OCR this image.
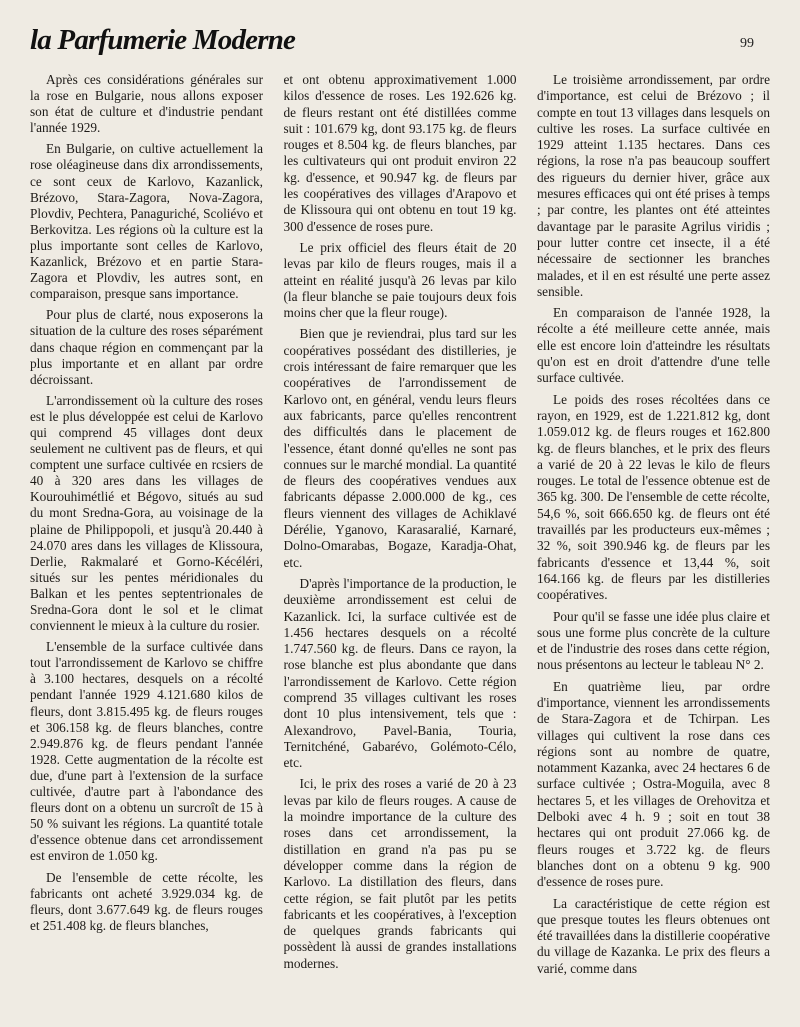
la Parfumerie Moderne	99

Après ces considérations générales sur la rose en Bulgarie, nous allons exposer son état de culture et d'industrie pendant l'année 1929.

En Bulgarie, on cultive actuellement la rose oléagineuse dans dix arrondissements, ce sont ceux de Karlovo, Kazanlick, Brézovo, Stara-Zagora, Nova-Zagora, Plovdiv, Pechtera, Panaguriché, Scoliévo et Berkovitza. Les régions où la culture est la plus importante sont celles de Karlovo, Kazanlick, Brézovo et en partie Stara-Zagora et Plovdiv, les autres sont, en comparaison, presque sans importance.

Pour plus de clarté, nous exposerons la situation de la culture des roses séparément dans chaque région en commençant par la plus importante et en allant par ordre décroissant.

L'arrondissement où la culture des roses est le plus développée est celui de Karlovo qui comprend 45 villages dont deux seulement ne cultivent pas de fleurs, et qui comptent une surface cultivée en rcsiers de 40 à 320 ares dans les villages de Kourouhimétlié et Bégovo, situés au sud du mont Sredna-Gora, au voisinage de la plaine de Philippopoli, et jusqu'à 20.440 à 24.070 ares dans les villages de Klissoura, Derlie, Rakmalaré et Gorno-Kécéléri, situés sur les pentes méridionales du Balkan et les pentes septentrionales de Sredna-Gora dont le sol et le climat conviennent le mieux à la culture du rosier.

L'ensemble de la surface cultivée dans tout l'arrondissement de Karlovo se chiffre à 3.100 hectares, desquels on a récolté pendant l'année 1929 4.121.680 kilos de fleurs, dont 3.815.495 kg. de fleurs rouges et 306.158 kg. de fleurs blanches, contre 2.949.876 kg. de fleurs pendant l'année 1928. Cette augmentation de la récolte est due, d'une part à l'extension de la surface cultivée, d'autre part à l'abondance des fleurs dont on a obtenu un surcroît de 15 à 50 % suivant les régions. La quantité totale d'essence obtenue dans cet arrondissement est environ de 1.050 kg.

De l'ensemble de cette récolte, les fabricants ont acheté 3.929.034 kg. de fleurs, dont 3.677.649 kg. de fleurs rouges et 251.408 kg. de fleurs blanches,

et ont obtenu approximativement 1.000 kilos d'essence de roses. Les 192.626 kg. de fleurs restant ont été distillées comme suit : 101.679 kg, dont 93.175 kg. de fleurs rouges et 8.504 kg. de fleurs blanches, par les cultivateurs qui ont produit environ 22 kg. d'essence, et 90.947 kg. de fleurs par les coopératives des villages d'Arapovo et de Klissoura qui ont obtenu en tout 19 kg. 300 d'essence de roses pure.

Le prix officiel des fleurs était de 20 levas par kilo de fleurs rouges, mais il a atteint en réalité jusqu'à 26 levas par kilo (la fleur blanche se paie toujours deux fois moins cher que la fleur rouge).

Bien que je reviendrai, plus tard sur les coopératives possédant des distilleries, je crois intéressant de faire remarquer que les coopératives de l'arrondissement de Karlovo ont, en général, vendu leurs fleurs aux fabricants, parce qu'elles rencontrent des difficultés dans le placement de l'essence, étant donné qu'elles ne sont pas connues sur le marché mondial. La quantité de fleurs des coopératives vendues aux fabricants dépasse 2.000.000 de kg., ces fleurs viennent des villages de Achiklavé Dérélie, Yganovo, Karasaralié, Karnaré, Dolno-Omarabas, Bogaze, Karadja-Ohat, etc.

D'après l'importance de la production, le deuxième arrondissement est celui de Kazanlick. Ici, la surface cultivée est de 1.456 hectares desquels on a récolté 1.747.560 kg. de fleurs. Dans ce rayon, la rose blanche est plus abondante que dans l'arrondissement de Karlovo. Cette région comprend 35 villages cultivant les roses dont 10 plus intensivement, tels que : Alexandrovo, Pavel-Bania, Touria, Ternitchéné, Gabarévo, Golémoto-Célo, etc.

Ici, le prix des roses a varié de 20 à 23 levas par kilo de fleurs rouges. A cause de la moindre importance de la culture des roses dans cet arrondissement, la distillation en grand n'a pas pu se développer comme dans la région de Karlovo. La distillation des fleurs, dans cette région, se fait plutôt par les petits fabricants et les coopératives, à l'exception de quelques grands fabricants qui possèdent là aussi de grandes installations modernes.

Le troisième arrondissement, par ordre d'importance, est celui de Brézovo ; il compte en tout 13 villages dans lesquels on cultive les roses. La surface cultivée en 1929 atteint 1.135 hectares. Dans ces régions, la rose n'a pas beaucoup souffert des rigueurs du dernier hiver, grâce aux mesures efficaces qui ont été prises à temps ; par contre, les plantes ont été atteintes davantage par le parasite Agrilus viridis ; pour lutter contre cet insecte, il a été nécessaire de sectionner les branches malades, et il en est résulté une perte assez sensible.

En comparaison de l'année 1928, la récolte a été meilleure cette année, mais elle est encore loin d'atteindre les résultats qu'on est en droit d'attendre d'une telle surface cultivée.

Le poids des roses récoltées dans ce rayon, en 1929, est de 1.221.812 kg, dont 1.059.012 kg. de fleurs rouges et 162.800 kg. de fleurs blanches, et le prix des fleurs a varié de 20 à 22 levas le kilo de fleurs rouges. Le total de l'essence obtenue est de 365 kg. 300. De l'ensemble de cette récolte, 54,6 %, soit 666.650 kg. de fleurs ont été travaillés par les producteurs eux-mêmes ; 32 %, soit 390.946 kg. de fleurs par les fabricants d'essence et 13,44 %, soit 164.166 kg. de fleurs par les distilleries coopératives.

Pour qu'il se fasse une idée plus claire et sous une forme plus concrète de la culture et de l'industrie des roses dans cette région, nous présentons au lecteur le tableau N° 2.

En quatrième lieu, par ordre d'importance, viennent les arrondissements de Stara-Zagora et de Tchirpan. Les villages qui cultivent la rose dans ces régions sont au nombre de quatre, notamment Kazanka, avec 24 hectares 6 de surface cultivée ; Ostra-Moguila, avec 8 hectares 5, et les villages de Orehovitza et Delboki avec 4 h. 9 ; soit en tout 38 hectares qui ont produit 27.066 kg. de fleurs rouges et 3.722 kg. de fleurs blanches dont on a obtenu 9 kg. 900 d'essence de roses pure.

La caractéristique de cette région est que presque toutes les fleurs obtenues ont été travaillées dans la distillerie coopérative du village de Kazanka. Le prix des fleurs a varié, comme dans
